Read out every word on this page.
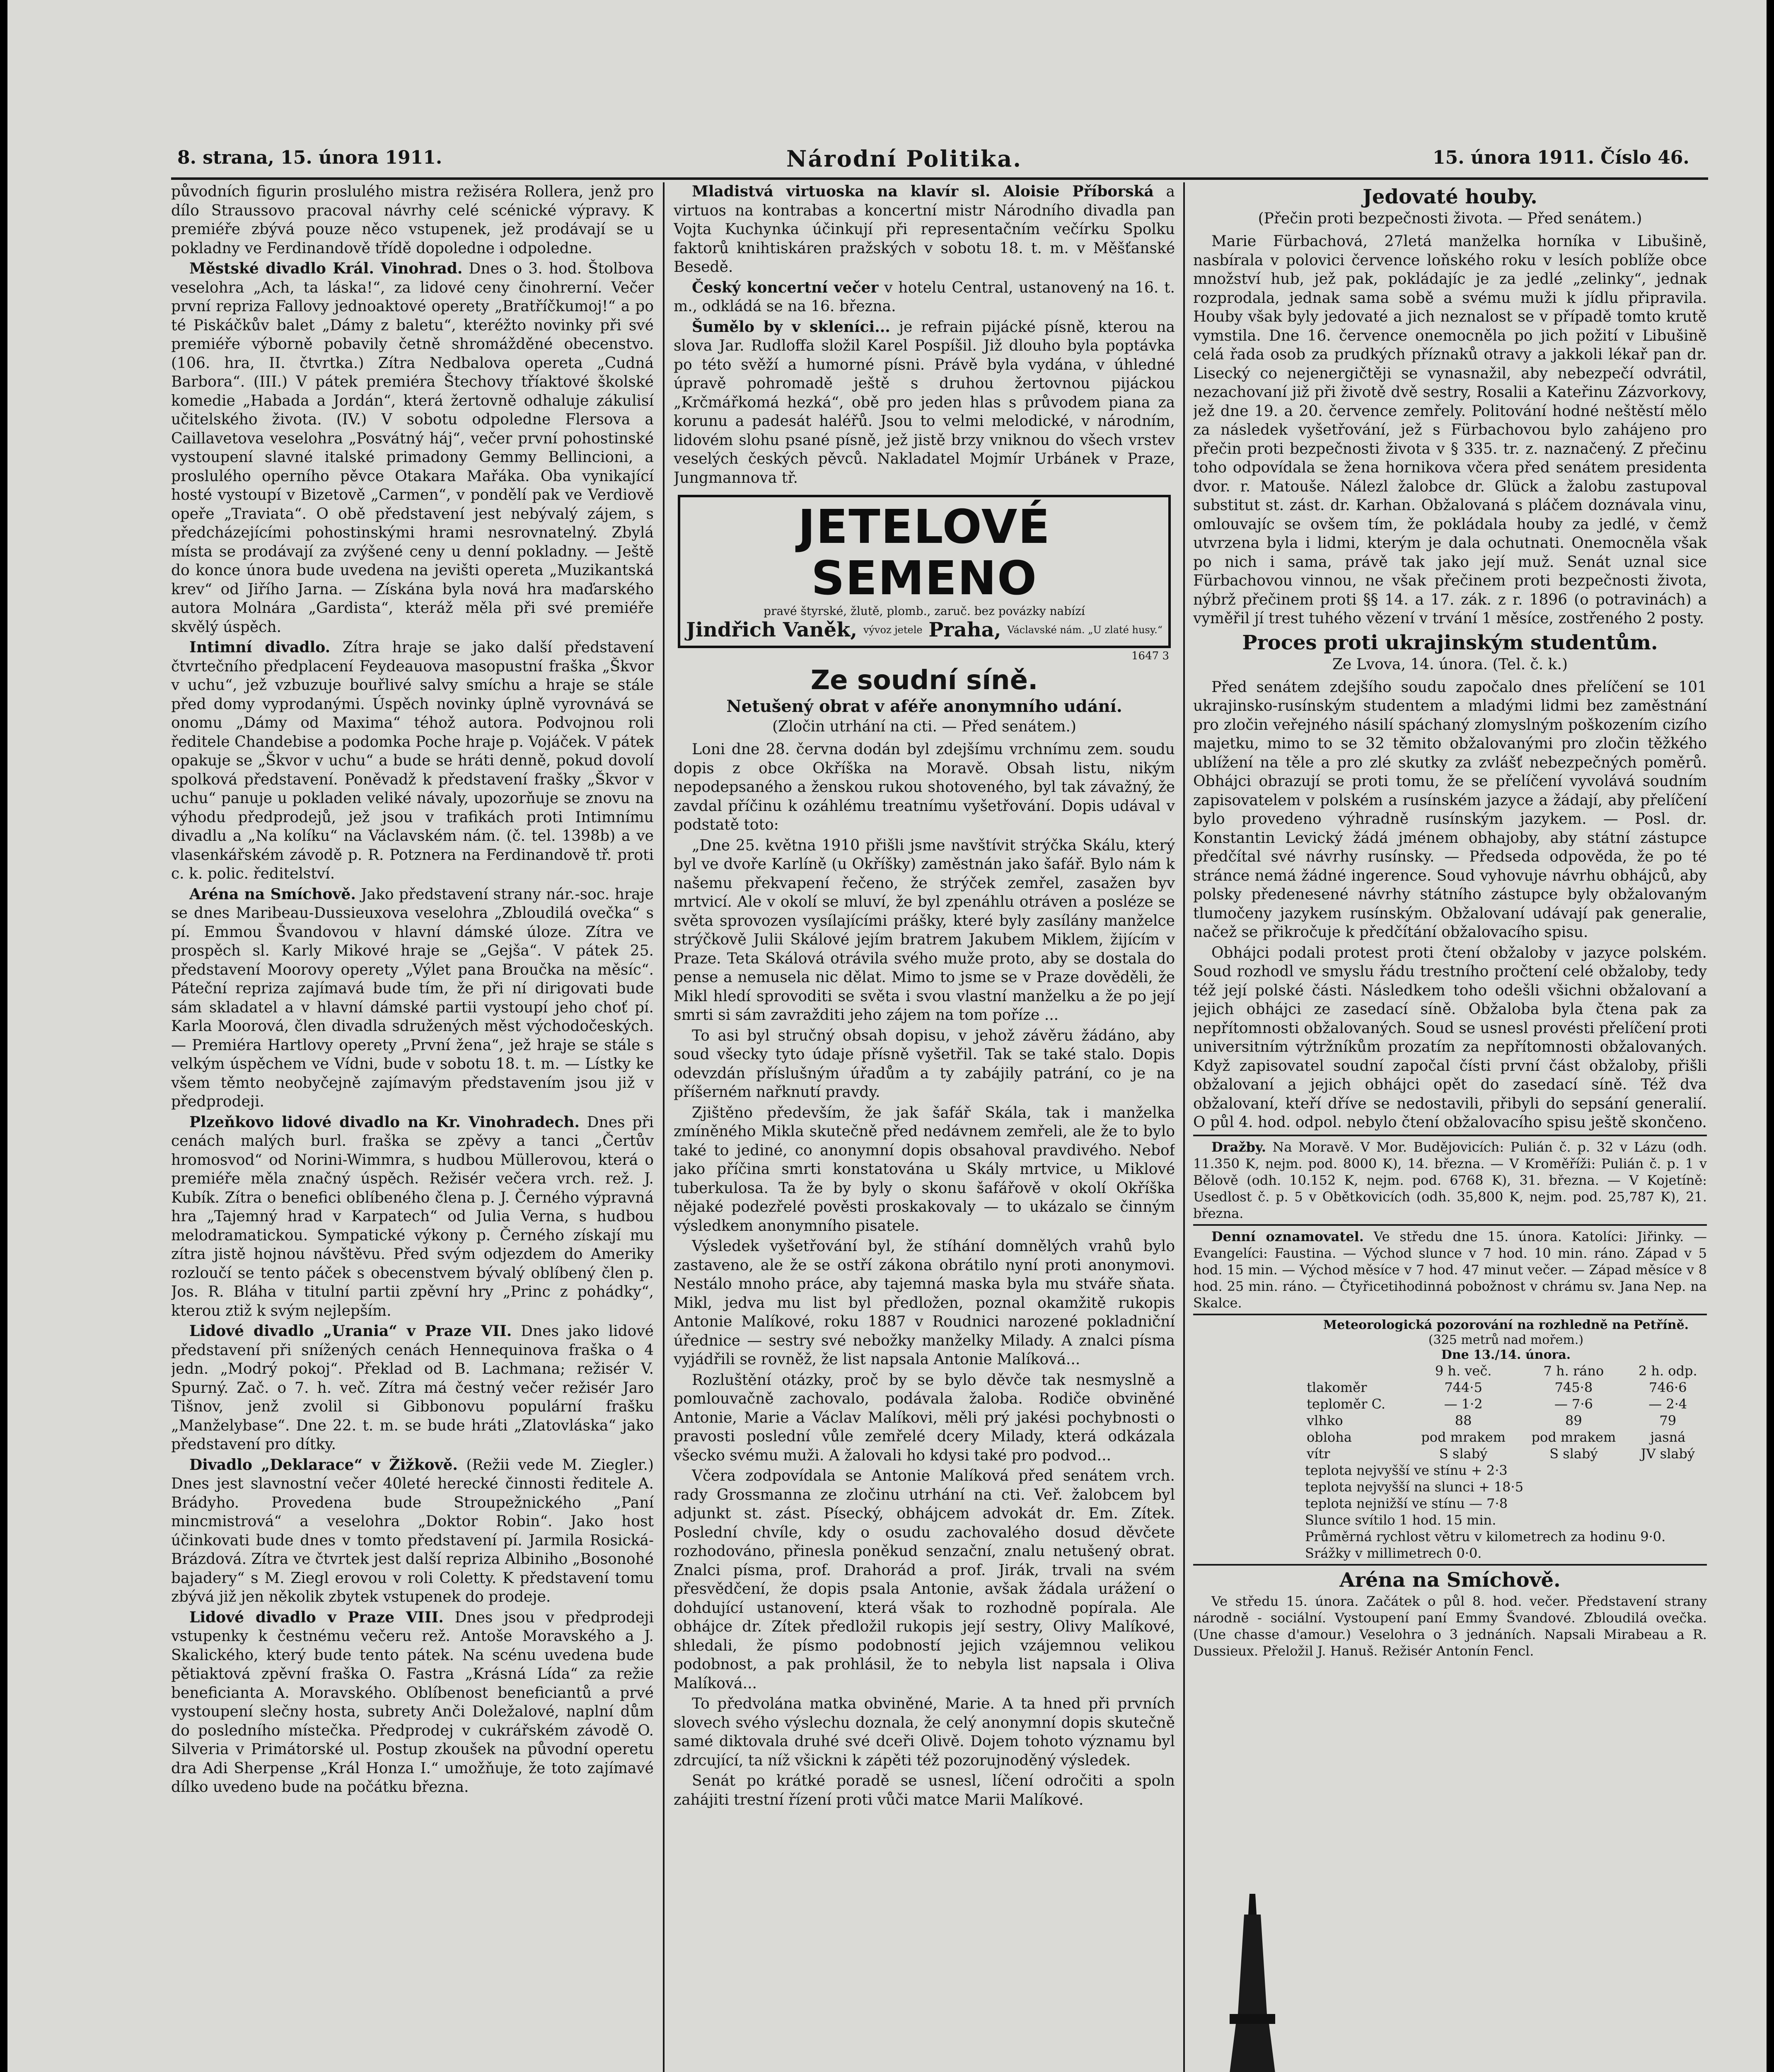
8. strana, 15. února 1911.	Národní Politika.	15. února 1911. Číslo 46.

původních figurin proslulého mistra režiséra Rollera, jenž pro dílo Straussovo pracoval návrhy celé scénické výpravy. K premiéře zbývá pouze něco vstupenek, jež prodávají se u pokladny ve Ferdinandově třídě dopoledne i odpoledne.

Městské divadlo Král. Vinohrad. Dnes o 3. hod. Štolbova veselohra „Ach, ta láska!“, za lidové ceny činohrerní. Večer první repriza Fallovy jednoaktové operety „Bratříčkumoj!“ a po té Piskáčkův balet „Dámy z baletu“, kteréžto novinky při své premiéře výborně pobavily četně shromážděné obecenstvo. (106. hra, II. čtvrtka.) Zítra Nedbalova opereta „Cudná Barbora“. (III.) V pátek premiéra Štechovy tříaktové školské komedie „Habada a Jordán“, která žertovně odhaluje zákulisí učitelského života. (IV.) V sobotu odpoledne Flersova a Caillavetova veselohra „Posvátný háj“, večer první pohostinské vystoupení slavné italské primadony Gemmy Bellincioni, a proslulého operního pěvce Otakara Mařáka. Oba vynikající hosté vystoupí v Bizetově „Carmen“, v pondělí pak ve Verdiově opeře „Traviata“. O obě představení jest nebývalý zájem, s předcházejícími pohostinskými hrami nesrovnatelný. Zbylá místa se prodávají za zvýšené ceny u denní pokladny. — Ještě do konce února bude uvedena na jevišti opereta „Muzikantská krev“ od Jiřího Jarna. — Získána byla nová hra maďarského autora Molnára „Gardista“, kteráž měla při své premiéře skvělý úspěch.

Intimní divadlo. Zítra hraje se jako další představení čtvrtečního předplacení Feydeauova masopustní fraška „Škvor v uchu“, jež vzbuzuje bouřlivé salvy smíchu a hraje se stále před domy vyprodanými. Úspěch novinky úplně vyrovnává se onomu „Dámy od Maxima“ téhož autora. Podvojnou roli ředitele Chandebise a podomka Poche hraje p. Vojáček. V pátek opakuje se „Škvor v uchu“ a bude se hráti denně, pokud dovolí spolková představení. Poněvadž k představení frašky „Škvor v uchu“ panuje u pokladen veliké návaly, upozorňuje se znovu na výhodu předprodejů, jež jsou v trafikách proti Intimnímu divadlu a „Na kolíku“ na Václavském nám. (č. tel. 1398b) a ve vlasenkářském závodě p. R. Potznera na Ferdinandově tř. proti c. k. polic. ředitelství.

Aréna na Smíchově. Jako představení strany nár.-soc. hraje se dnes Maribeau-Dussieuxova veselohra „Zbloudilá ovečka“ s pí. Emmou Švandovou v hlavní dámské úloze. Zítra ve prospěch sl. Karly Mikové hraje se „Gejša“. V pátek 25. představení Moorovy operety „Výlet pana Broučka na měsíc“. Páteční repriza zajímavá bude tím, že při ní dirigovati bude sám skladatel a v hlavní dámské partii vystoupí jeho choť pí. Karla Moorová, člen divadla sdružených měst východočeských. — Premiéra Hartlovy operety „První žena“, jež hraje se stále s velkým úspěchem ve Vídni, bude v sobotu 18. t. m. — Lístky ke všem těmto neobyčejně zajímavým představením jsou již v předprodeji.

Plzeňkovo lidové divadlo na Kr. Vinohradech. Dnes při cenách malých burl. fraška se zpěvy a tanci „Čertův hromosvod“ od Norini-Wimmra, s hudbou Müllerovou, která o premiéře měla značný úspěch. Režisér večera vrch. rež. J. Kubík. Zítra o benefici oblíbeného člena p. J. Černého výpravná hra „Tajemný hrad v Karpatech“ od Julia Verna, s hudbou melodramatickou. Sympatické výkony p. Černého získají mu zítra jistě hojnou návštěvu. Před svým odjezdem do Ameriky rozloučí se tento páček s obecenstvem bývalý oblíbený člen p. Jos. R. Bláha v titulní partii zpěvní hry „Princ z pohádky“, kterou ztiž k svým nejlepším.

Lidové divadlo „Urania“ v Praze VII. Dnes jako lidové představení při snížených cenách Hennequinova fraška o 4 jedn. „Modrý pokoj“. Překlad od B. Lachmana; režisér V. Spurný. Zač. o 7. h. več. Zítra má čestný večer režisér Jaro Tišnov, jenž zvolil si Gibbonovu populární frašku „Manželybase“. Dne 22. t. m. se bude hráti „Zlatovláska“ jako představení pro dítky.

Divadlo „Deklarace“ v Žižkově. (Režii vede M. Ziegler.) Dnes jest slavnostní večer 40leté herecké činnosti ředitele A. Brádyho. Provedena bude Stroupežnického „Paní mincmistrová“ a veselohra „Doktor Robin“. Jako host účinkovati bude dnes v tomto představení pí. Jarmila Rosická-Brázdová. Zítra ve čtvrtek jest další repriza Albiniho „Bosonohé bajadery“ s M. Ziegl erovou v roli Coletty. K představení tomu zbývá již jen několik zbytek vstupenek do prodeje.

Lidové divadlo v Praze VIII. Dnes jsou v předprodeji vstupenky k čestnému večeru rež. Antoše Moravského a J. Skalického, který bude tento pátek. Na scénu uvedena bude pětiaktová zpěvní fraška O. Fastra „Krásná Lída“ za režie beneficianta A. Moravského. Oblíbenost beneficiantů a prvé vystoupení slečny hosta, subrety Anči Doležalové, naplní dům do posledního místečka. Předprodej v cukrářském závodě O. Silveria v Primátorské ul. Postup zkoušek na původní operetu dra Adi Sherpense „Král Honza I.“ umožňuje, že toto zajímavé dílko uvedeno bude na počátku března.

Mladistvá virtuoska na klavír sl. Aloisie Příborská a virtuos na kontrabas a koncertní mistr Národního divadla pan Vojta Kuchynka účinkují při representačním večírku Spolku faktorů knihtiskáren pražských v sobotu 18. t. m. v Měšťanské Besedě.

Český koncertní večer v hotelu Central, ustanovený na 16. t. m., odkládá se na 16. března.

Šumělo by v skleníci... je refrain pijácké písně, kterou na slova Jar. Rudloffa složil Karel Pospíšil. Již dlouho byla poptávka po této svěží a humorné písni. Právě byla vydána, v úhledné úpravě pohromadě ještě s druhou žertovnou pijáckou „Krčmářkomá hezká“, obě pro jeden hlas s průvodem piana za korunu a padesát haléřů. Jsou to velmi melodické, v národním, lidovém slohu psané písně, jež jistě brzy vniknou do všech vrstev veselých českých pěvců. Nakladatel Mojmír Urbánek v Praze, Jungmannova tř.

JETELOVÉ SEMENO
pravé štyrské, žlutě, plomb., zaruč. bez povázky nabízí
Jindřich Vaněk, vývoz jetele Praha, Václavské nám. „U zlaté husy.“
1647 3
Ze soudní síně.
Netušený obrat v aféře anonymního udání.
(Zločin utrhání na cti. — Před senátem.)

Loni dne 28. června dodán byl zdejšímu vrchnímu zem. soudu dopis z obce Okříška na Moravě. Obsah listu, nikým nepodepsaného a ženskou rukou shotoveného, byl tak závažný, že zavdal příčinu k ozáhlému treatnímu vyšetřování. Dopis udával v podstatě toto:

„Dne 25. května 1910 přišli jsme navštívit strýčka Skálu, který byl ve dvoře Karlíně (u Okříšky) zaměstnán jako šafář. Bylo nám k našemu překvapení řečeno, že strýček zemřel, zasažen byv mrtvicí. Ale v okolí se mluví, že byl zpenáhlu otráven a posléze se světa sprovozen vysílajícími prášky, které byly zasílány manželce strýčkově Julii Skálové jejím bratrem Jakubem Miklem, žijícím v Praze. Teta Skálová otrávila svého muže proto, aby se dostala do pense a nemusela nic dělat. Mimo to jsme se v Praze dověděli, že Mikl hledí sprovoditi se světa i svou vlastní manželku a že po její smrti si sám zavražditi jeho zájem na tom poříze ...

To asi byl stručný obsah dopisu, v jehož závěru žádáno, aby soud všecky tyto údaje přísně vyšetřil. Tak se také stalo. Dopis odevzdán příslušným úřadům a ty zabájily patrání, co je na příšerném nařknutí pravdy.

Zjištěno především, že jak šafář Skála, tak i manželka zmíněného Mikla skutečně před nedávnem zemřeli, ale že to bylo také to jediné, co anonymní dopis obsahoval pravdivého. Nebof jako příčina smrti konstatována u Skály mrtvice, u Miklové tuberkulosa. Ta že by byly o skonu šafářově v okolí Okříška nějaké podezřelé pověsti proskakovaly — to ukázalo se činným výsledkem anonymního pisatele.

Výsledek vyšetřování byl, že stíhání domnělých vrahů bylo zastaveno, ale že se ostří zákona obrátilo nyní proti anonymovi. Nestálo mnoho práce, aby tajemná maska byla mu stváře sňata. Mikl, jedva mu list byl předložen, poznal okamžitě rukopis Antonie Malíkové, roku 1887 v Roudnici narozené pokladniční úřednice — sestry své nebožky manželky Milady. A znalci písma vyjádřili se rovněž, že list napsala Antonie Malíková...

Rozluštění otázky, proč by se bylo děvče tak nesmyslně a pomlouvačně zachovalo, podávala žaloba. Rodiče obviněné Antonie, Marie a Václav Malíkovi, měli prý jakési pochybnosti o pravosti poslední vůle zemřelé dcery Milady, která odkázala všecko svému muži. A žalovali ho kdysi také pro podvod...

Včera zodpovídala se Antonie Malíková před senátem vrch. rady Grossmanna ze zločinu utrhání na cti. Veř. žalobcem byl adjunkt st. zást. Písecký, obhájcem advokát dr. Em. Zítek. Poslední chvíle, kdy o osudu zachovalého dosud děvčete rozhodováno, přinesla poněkud senzační, znalu netušený obrat. Znalci písma, prof. Drahorád a prof. Jirák, trvali na svém přesvědčení, že dopis psala Antonie, avšak žádala urážení o dohdující ustanovení, která však to rozhodně popírala. Ale obhájce dr. Zítek předložil rukopis její sestry, Olivy Malíkové, shledali, že písmo podobností jejich vzájemnou velikou podobnost, a pak prohlásil, že to nebyla list napsala i Oliva Malíková...

To předvolána matka obviněné, Marie. A ta hned při prvních slovech svého výslechu doznala, že celý anonymní dopis skutečně samé diktovala druhé své dceři Olivě. Dojem tohoto významu byl zdrcující, ta níž všickni k zápěti též pozorujnoděný výsledek.

Senát po krátké poradě se usnesl, líčení odročiti a spoln zahájiti trestní řízení proti vůči matce Marii Malíkové.

Jedovaté houby.
(Přečin proti bezpečnosti života. — Před senátem.)

Marie Fürbachová, 27letá manželka horníka v Libušině, nasbírala v polovici července loňského roku v lesích poblíže obce množství hub, jež pak, pokládajíc je za jedlé „zelinky“, jednak rozprodala, jednak sama sobě a svému muži k jídlu připravila. Houby však byly jedovaté a jich neznalost se v případě tomto krutě vymstila. Dne 16. července onemocněla po jich požití v Libušině celá řada osob za prudkých příznaků otravy a jakkoli lékař pan dr. Lisecký co nejenergičtěji se vynasnažil, aby nebezpečí odvrátil, nezachovaní již při životě dvě sestry, Rosalii a Kateřinu Zázvorkovy, jež dne 19. a 20. července zemřely. Politování hodné neštěstí mělo za následek vyšetřování, jež s Fürbachovou bylo zahájeno pro přečin proti bezpečnosti života v § 335. tr. z. naznačený. Z přečinu toho odpovídala se žena hornikova včera před senátem presidenta dvor. r. Matouše. Nálezl žalobce dr. Glück a žalobu zastupoval substitut st. zást. dr. Karhan. Obžalovaná s pláčem doznávala vinu, omlouvajíc se ovšem tím, že pokládala houby za jedlé, v čemž utvrzena byla i lidmi, kterým je dala ochutnati. Onemocněla však po nich i sama, právě tak jako její muž. Senát uznal sice Fürbachovou vinnou, ne však přečinem proti bezpečnosti života, nýbrž přečinem proti §§ 14. a 17. zák. z r. 1896 (o potravinách) a vyměřil jí trest tuhého vězení v trvání 1 měsíce, zostřeného 2 posty.

Proces proti ukrajinským studentům.
Ze Lvova, 14. února. (Tel. č. k.)

Před senátem zdejšího soudu započalo dnes přelíčení se 101 ukrajinsko-rusínským studentem a mladými lidmi bez zaměstnání pro zločin veřejného násilí spáchaný zlomyslným poškozením cizího majetku, mimo to se 32 těmito obžalovanými pro zločin těžkého ublížení na těle a pro zlé skutky za zvlášť nebezpečných poměrů. Obhájci obrazují se proti tomu, že se přelíčení vyvolává soudním zapisovatelem v polském a rusínském jazyce a žádají, aby přelíčení bylo provedeno výhradně rusínským jazykem. — Posl. dr. Konstantin Levický žádá jménem obhajoby, aby státní zástupce předčítal své návrhy rusínsky. — Předseda odpověda, že po té stránce nemá žádné ingerence. Soud vyhovuje návrhu obhájců, aby polsky předenesené návrhy státního zástupce byly obžalovaným tlumočeny jazykem rusínským. Obžalovaní udávají pak generalie, načež se přikročuje k předčítání obžalovacího spisu.

Obhájci podali protest proti čtení obžaloby v jazyce polském. Soud rozhodl ve smyslu řádu trestního pročtení celé obžaloby, tedy též její polské části. Následkem toho odešli všichni obžalovaní a jejich obhájci ze zasedací síně. Obžaloba byla čtena pak za nepřítomnosti obžalovaných. Soud se usnesl provésti přelíčení proti universitním výtržníkům prozatím za nepřítomnosti obžalovaných. Když zapisovatel soudní započal čísti první část obžaloby, přišli obžalovaní a jejich obhájci opět do zasedací síně. Též dva obžalovaní, kteří dříve se nedostavili, přibyli do sepsání generalií. O půl 4. hod. odpol. nebylo čtení obžalovacího spisu ještě skončeno.

Dražby. Na Moravě. V Mor. Budějovicích: Pulián č. p. 32 v Lázu (odh. 11.350 K, nejm. pod. 8000 K), 14. března. — V Kroměříži: Pulián č. p. 1 v Bělově (odh. 10.152 K, nejm. pod. 6768 K), 31. března. — V Kojetíně: Usedlost č. p. 5 v Obětkovicích (odh. 35,800 K, nejm. pod. 25,787 K), 21. března.

Denní oznamovatel. Ve středu dne 15. února. Katolíci: Jiřinky. — Evangelíci: Faustina. — Východ slunce v 7 hod. 10 min. ráno. Západ v 5 hod. 15 min. — Východ měsíce v 7 hod. 47 minut večer. — Západ měsíce v 8 hod. 25 min. ráno. — Čtyřicetihodinná pobožnost v chrámu sv. Jana Nep. na Skalce.

Meteorologická pozorování na rozhledně na Petříně.
(325 metrů nad mořem.)
Dne 13./14. února.
	9 h. več.	7 h. ráno	2 h. odp.
tlakoměr	744·5	745·8	746·6
teploměr C.	— 1·2	— 7·6	— 2·4
vlhko	88	89	79
obloha	pod mrakem	pod mrakem	jasná
vítr	S slabý	S slabý	JV slabý
teplota nejvyšší ve stínu + 2·3
teplota nejvyšší na slunci + 18·5
teplota nejnižší ve stínu — 7·8
Slunce svítilo 1 hod. 15 min.
Průměrná rychlost větru v kilometrech za hodinu 9·0.
Srážky v millimetrech 0·0.
Aréna na Smíchově.

Ve středu 15. února. Začátek o půl 8. hod. večer. Představení strany národně - sociální. Vystoupení paní Emmy Švandové. Zbloudilá ovečka. (Une chasse d'amour.) Veselohra o 3 jednáních. Napsali Mirabeau a R. Dussieux. Přeložil J. Hanuš. Režisér Antonín Fencl.
